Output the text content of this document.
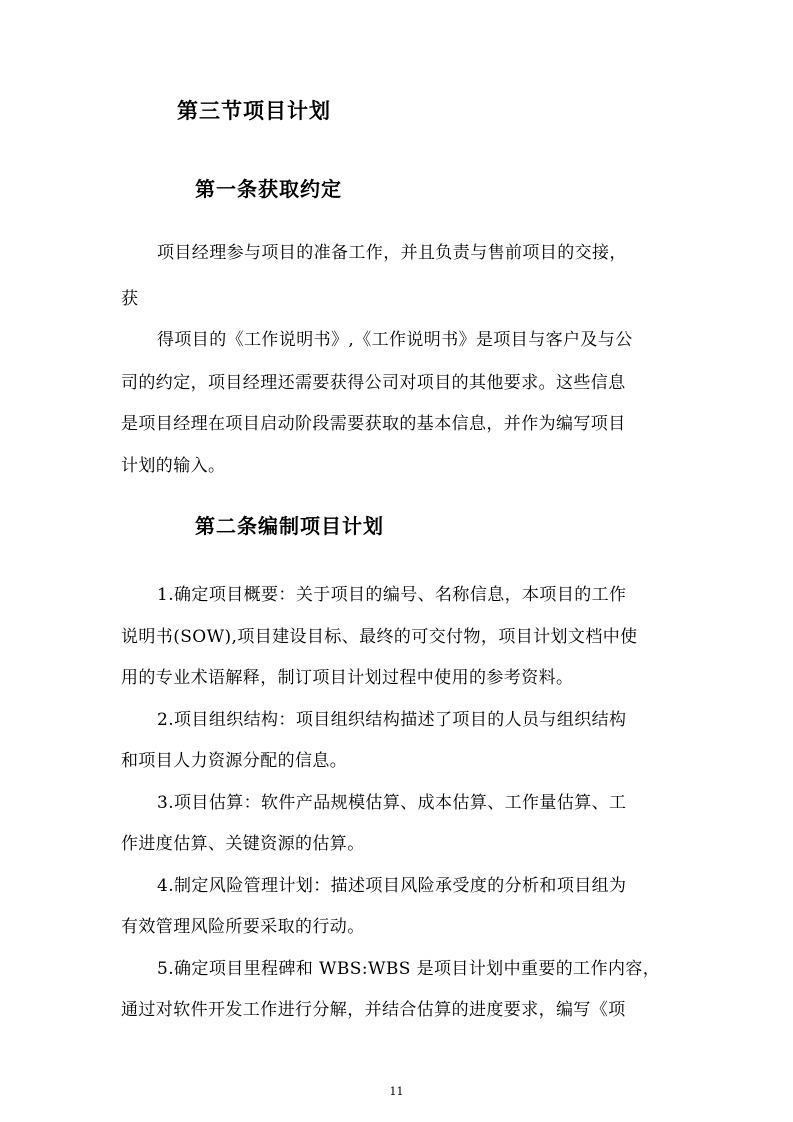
第三节项目计划
第一条获取约定
项目经理参与项目的准备工作，并且负责与售前项目的交接，
获
得项目的《工作说明书》,《工作说明书》是项目与客户及与公
司的约定，项目经理还需要获得公司对项目的其他要求。这些信息
是项目经理在项目启动阶段需要获取的基本信息，并作为编写项目
计划的输入。
第二条编制项目计划
1.确定项目概要：关于项目的编号、名称信息，本项目的工作
说明书(SOW),项目建设目标、最终的可交付物，项目计划文档中使
用的专业术语解释，制订项目计划过程中使用的参考资料。
2.项目组织结构：项目组织结构描述了项目的人员与组织结构
和项目人力资源分配的信息。
3.项目估算：软件产品规模估算、成本估算、工作量估算、工
作进度估算、关键资源的估算。
4.制定风险管理计划：描述项目风险承受度的分析和项目组为
有效管理风险所要采取的行动。
5.确定项目里程碑和 WBS:WBS 是项目计划中重要的工作内容，
通过对软件开发工作进行分解，并结合估算的进度要求，编写《项
11
